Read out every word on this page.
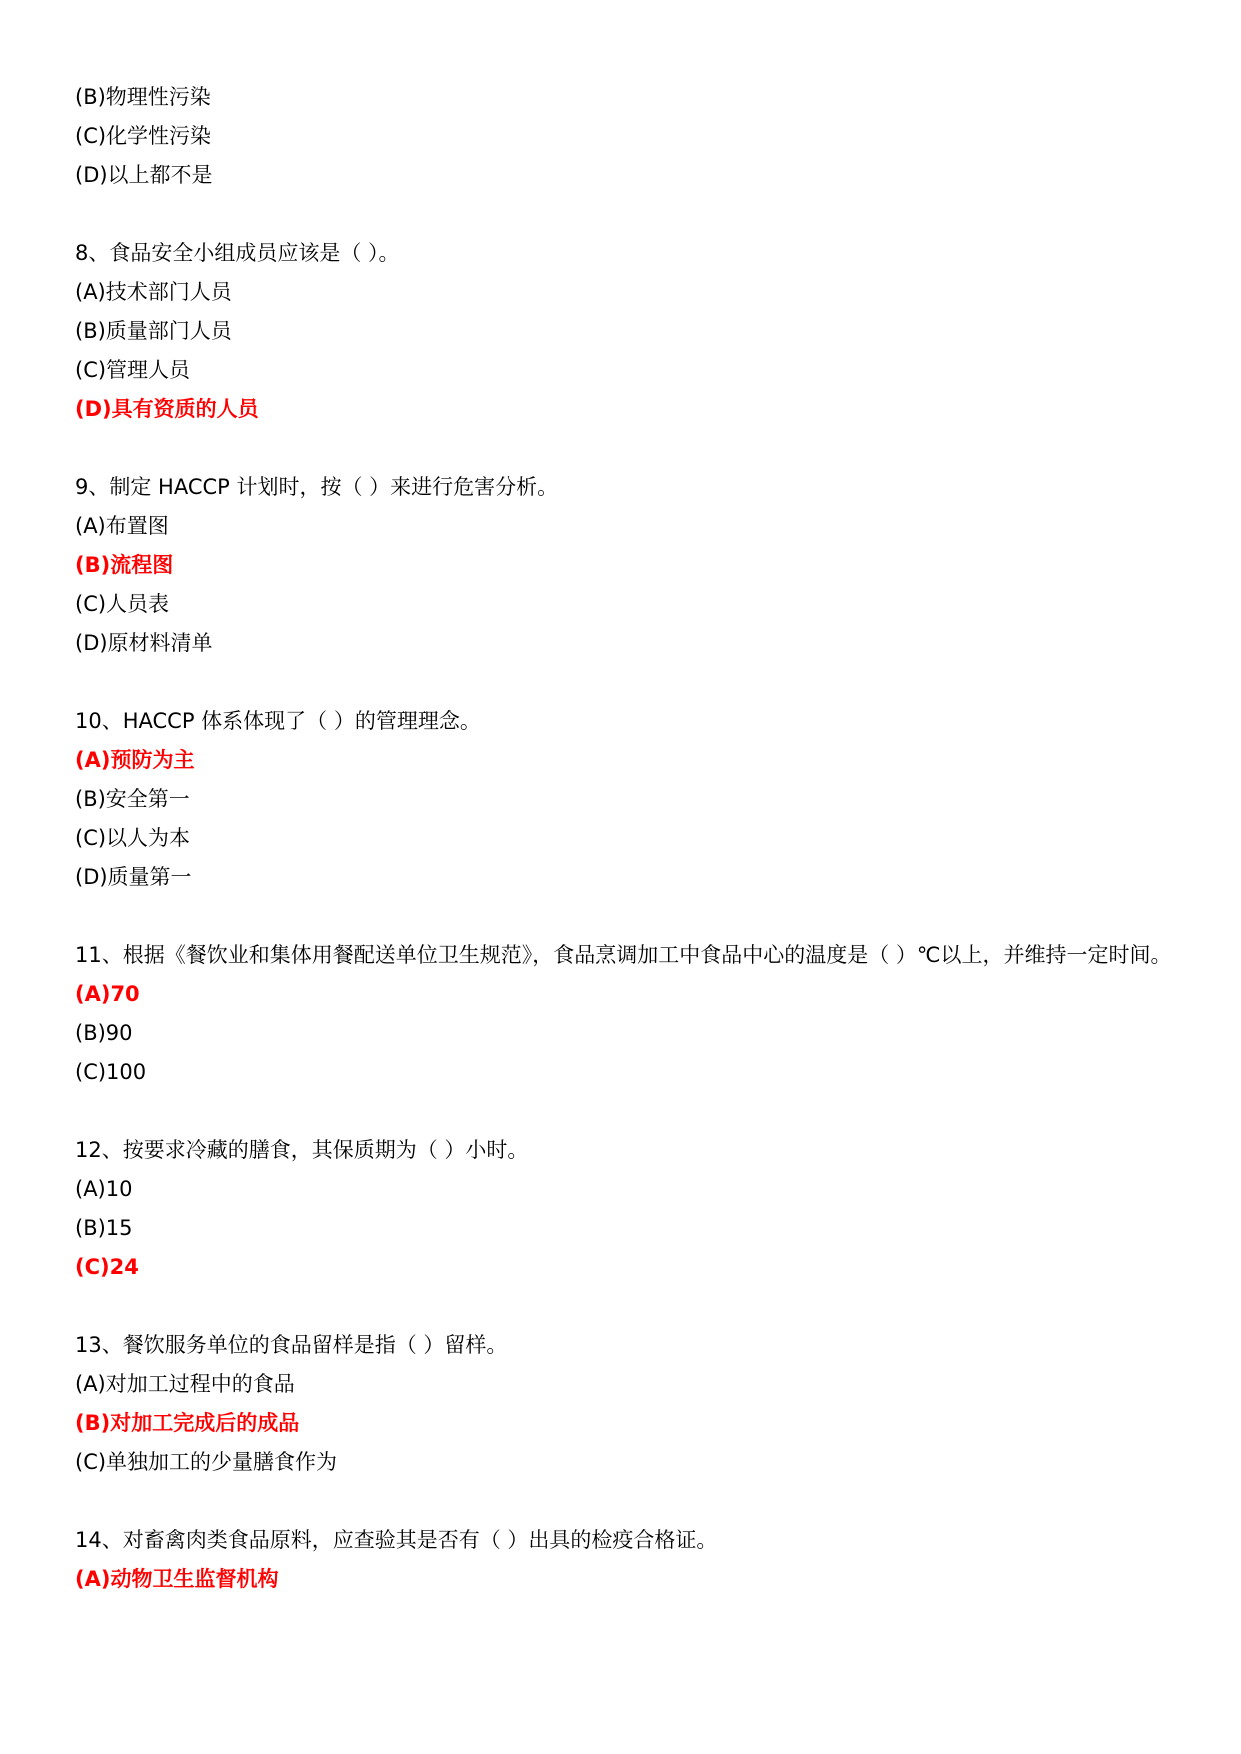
(B)物理性污染
(C)化学性污染
(D)以上都不是
8、食品安全小组成员应该是（ ）。
(A)技术部门人员
(B)质量部门人员
(C)管理人员
(D)具有资质的人员
9、制定 HACCP 计划时，按（ ）来进行危害分析。
(A)布置图
(B)流程图
(C)人员表
(D)原材料清单
10、HACCP 体系体现了（ ）的管理理念。
(A)预防为主
(B)安全第一
(C)以人为本
(D)质量第一
11、根据《餐饮业和集体用餐配送单位卫生规范》，食品烹调加工中食品中心的温度是（ ）℃以上，并维持一定时间。
(A)70
(B)90
(C)100
12、按要求冷藏的膳食，其保质期为（ ）小时。
(A)10
(B)15
(C)24
13、餐饮服务单位的食品留样是指（ ）留样。
(A)对加工过程中的食品
(B)对加工完成后的成品
(C)单独加工的少量膳食作为
14、对畜禽肉类食品原料，应查验其是否有（ ）出具的检疫合格证。
(A)动物卫生监督机构
